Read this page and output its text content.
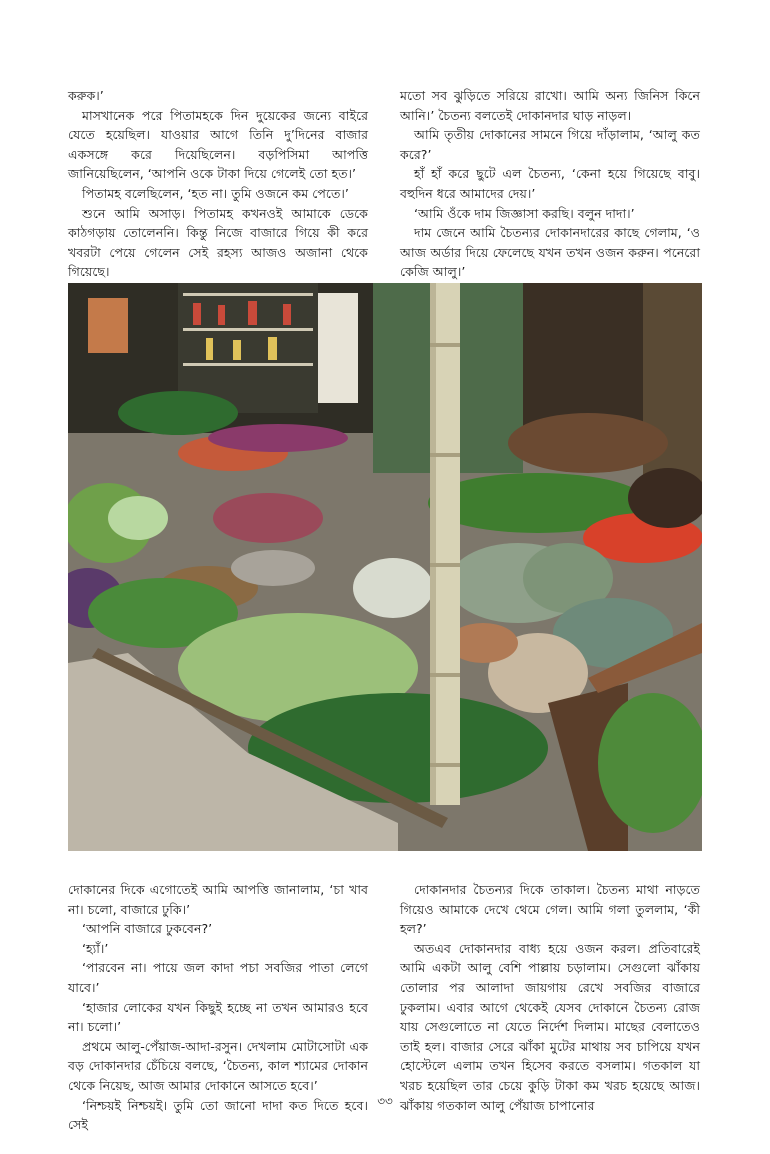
করুক।’

মাসখানেক পরে পিতামহকে দিন দুয়েকের জন্যে বাইরে যেতে হয়েছিল। যাওয়ার আগে তিনি দু’দিনের বাজার একসঙ্গে করে দিয়েছিলেন। বড়পিসিমা আপত্তি জানিয়েছিলেন, ‘আপনি ওকে টাকা দিয়ে গেলেই তো হত।’

পিতামহ বলেছিলেন, ‘হত না। তুমি ওজনে কম পেতে।’

শুনে আমি অসাড়। পিতামহ কখনওই আমাকে ডেকে কাঠগড়ায় তোলেননি। কিন্তু নিজে বাজারে গিয়ে কী করে খবরটা পেয়ে গেলেন সেই রহস্য আজও অজানা থেকে গিয়েছে।

মতো সব ঝুড়িতে সরিয়ে রাখো। আমি অন্য জিনিস কিনে আনি।’ চৈতন্য বলতেই দোকানদার ঘাড় নাড়ল।

আমি তৃতীয় দোকানের সামনে গিয়ে দাঁড়ালাম, ‘আলু কত করে?’

হাঁ হাঁ করে ছুটে এল চৈতন্য, ‘কেনা হয়ে গিয়েছে বাবু। বহুদিন ধরে আমাদের দেয়।’

‘আমি ওঁকে দাম জিজ্ঞাসা করছি। বলুন দাদা।’

দাম জেনে আমি চৈতন্যর দোকানদারের কাছে গেলাম, ‘ও আজ অর্ডার দিয়ে ফেলেছে যখন তখন ওজন করুন। পনেরো কেজি আলু।’

দোকানের দিকে এগোতেই আমি আপত্তি জানালাম, ‘চা খাব না। চলো, বাজারে ঢুকি।’

‘আপনি বাজারে ঢুকবেন?’

‘হ্যাঁ।’

‘পারবেন না। পায়ে জল কাদা পচা সবজির পাতা লেগে যাবে।’

‘হাজার লোকের যখন কিছুই হচ্ছে না তখন আমারও হবে না। চলো।’

প্রথমে আলু-পেঁয়াজ-আদা-রসুন। দেখলাম মোটাসোটা এক বড় দোকানদার চেঁচিয়ে বলছে, ‘চৈতন্য, কাল শ্যামের দোকান থেকে নিয়েছ, আজ আমার দোকানে আসতে হবে।’

‘নিশ্চয়ই নিশ্চয়ই। তুমি তো জানো দাদা কত দিতে হবে। সেই

দোকানদার চৈতন্যর দিকে তাকাল। চৈতন্য মাথা নাড়তে গিয়েও আমাকে দেখে থেমে গেল। আমি গলা তুললাম, ‘কী হল?’

অতএব দোকানদার বাধ্য হয়ে ওজন করল। প্রতিবারেই আমি একটা আলু বেশি পাল্লায় চড়ালাম। সেগুলো ঝাঁকায় তোলার পর আলাদা জায়গায় রেখে সবজির বাজারে ঢুকলাম। এবার আগে থেকেই যেসব দোকানে চৈতন্য রোজ যায় সেগুলোতে না যেতে নির্দেশ দিলাম। মাছের বেলাতেও তাই হল। বাজার সেরে ঝাঁকা মুটের মাথায় সব চাপিয়ে যখন হোস্টেলে এলাম তখন হিসেব করতে বসলাম। গতকাল যা খরচ হয়েছিল তার চেয়ে কুড়ি টাকা কম খরচ হয়েছে আজ। ঝাঁকায় গতকাল আলু পেঁয়াজ চাপানোর

৩৩
